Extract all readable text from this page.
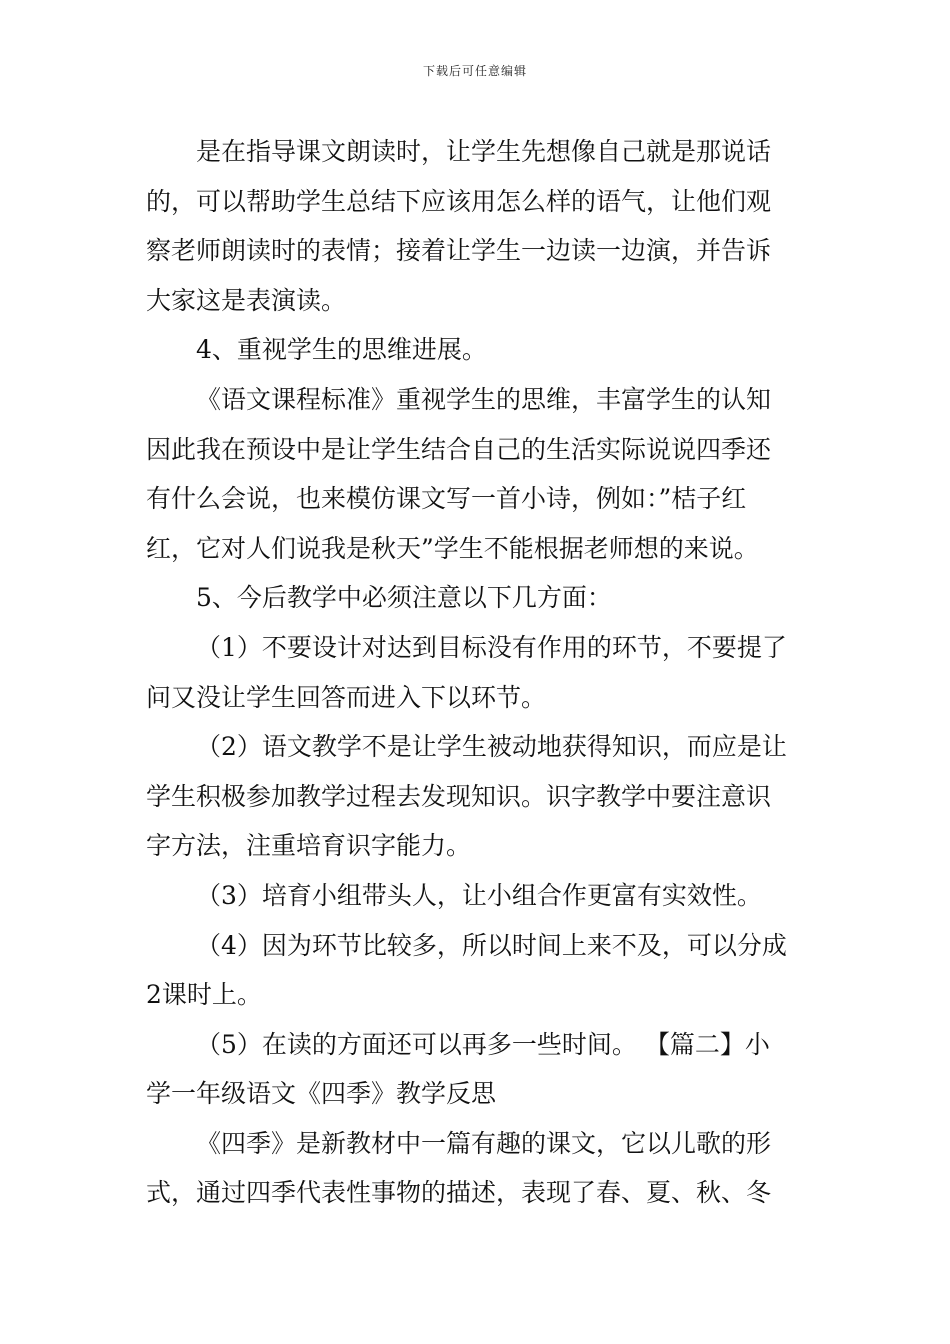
下载后可任意编辑
是在指导课文朗读时，让学生先想像自己就是那说话
的，可以帮助学生总结下应该用怎么样的语气，让他们观
察老师朗读时的表情；接着让学生一边读一边演，并告诉
大家这是表演读。
4、重视学生的思维进展。
《语文课程标准》重视学生的思维，丰富学生的认知
因此我在预设中是让学生结合自己的生活实际说说四季还
有什么会说，也来模仿课文写一首小诗，例如：”桔子红
红，它对人们说我是秋天”学生不能根据老师想的来说。
5、今后教学中必须注意以下几方面：
（1）不要设计对达到目标没有作用的环节，不要提了
问又没让学生回答而进入下以环节。
（2）语文教学不是让学生被动地获得知识，而应是让
学生积极参加教学过程去发现知识。识字教学中要注意识
字方法，注重培育识字能力。
（3）培育小组带头人，让小组合作更富有实效性。
（4）因为环节比较多，所以时间上来不及，可以分成
2课时上。
（5）在读的方面还可以再多一些时间。 【篇二】小
学一年级语文《四季》教学反思
《四季》是新教材中一篇有趣的课文，它以儿歌的形
式，通过四季代表性事物的描述，表现了春、夏、秋、冬
